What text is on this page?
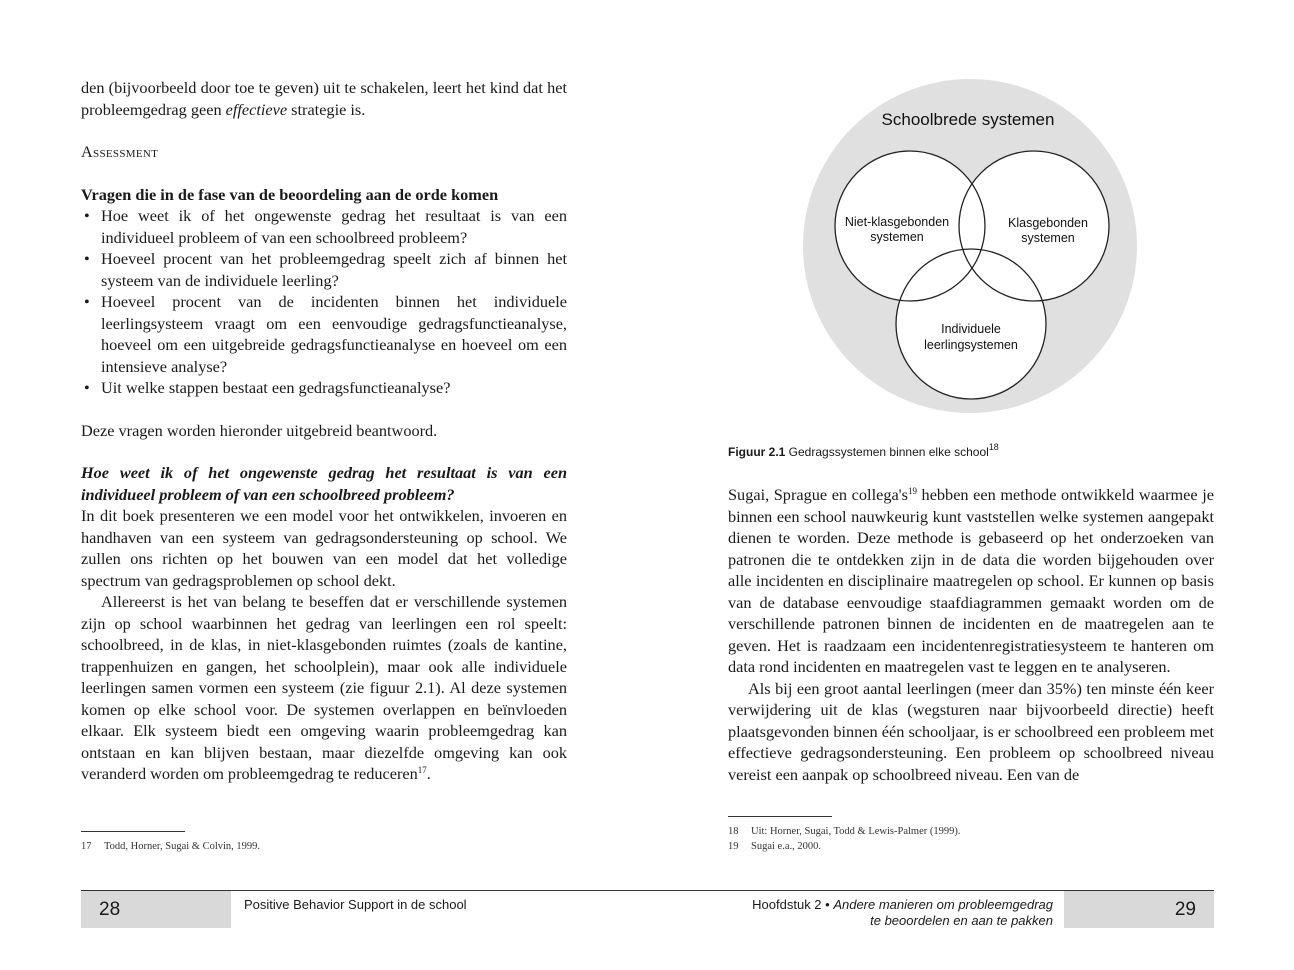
den (bijvoorbeeld door toe te geven) uit te schakelen, leert het kind dat het probleemgedrag geen effectieve strategie is.

Assessment

Vragen die in de fase van de beoordeling aan de orde komen

• Hoe weet ik of het ongewenste gedrag het resultaat is van een individueel probleem of van een schoolbreed probleem?
• Hoeveel procent van het probleemgedrag speelt zich af binnen het systeem van de individuele leerling?
• Hoeveel procent van de incidenten binnen het individuele leerlingsysteem vraagt om een eenvoudige gedragsfunctieanalyse, hoeveel om een uitgebreide gedragsfunctieanalyse en hoeveel om een intensieve analyse?
• Uit welke stappen bestaat een gedragsfunctieanalyse?

Deze vragen worden hieronder uitgebreid beantwoord.

Hoe weet ik of het ongewenste gedrag het resultaat is van een individueel probleem of van een schoolbreed probleem?

In dit boek presenteren we een model voor het ontwikkelen, invoeren en handhaven van een systeem van gedragsondersteuning op school. We zullen ons richten op het bouwen van een model dat het volledige spectrum van gedragsproblemen op school dekt.

Allereerst is het van belang te beseffen dat er verschillende systemen zijn op school waarbinnen het gedrag van leerlingen een rol speelt: schoolbreed, in de klas, in niet-klasgebonden ruimtes (zoals de kantine, trappenhuizen en gangen, het schoolplein), maar ook alle individuele leerlingen samen vormen een systeem (zie figuur 2.1). Al deze systemen komen op elke school voor. De systemen overlappen en beïnvloeden elkaar. Elk systeem biedt een omgeving waarin probleemgedrag kan ontstaan en kan blijven bestaan, maar diezelfde omgeving kan ook veranderd worden om probleemgedrag te reduceren$^{17}$.

17 Todd, Horner, Sugai & Colvin, 1999.
28	Positive Behavior Support in de school
Schoolbrede systemen
Niet-klasgebonden
systemen
Klasgebonden
systemen
Individuele
leerlingsystemen
Figuur 2.1 Gedragssystemen binnen elke school$^{18}$

Sugai, Sprague en $collega's^{19}$ hebben een methode ontwikkeld waarmee je binnen een school nauwkeurig kunt vaststellen welke systemen aangepakt dienen te worden. Deze methode is gebaseerd op het onderzoeken van patronen die te ontdekken zijn in de data die worden bijgehouden over alle incidenten en disciplinaire maatregelen op school. Er kunnen op basis van de database eenvoudige staafdiagrammen gemaakt worden om de verschillende patronen binnen de incidenten en de maatregelen aan te geven. Het is raadzaam een incidentenregistratiesysteem te hanteren om data rond incidenten en maatregelen vast te leggen en te analyseren.

Als bij een groot aantal leerlingen (meer dan 35%) ten minste één keer verwijdering uit de klas (wegsturen naar bijvoorbeeld directie) heeft plaatsgevonden binnen één schooljaar, is er schoolbreed een probleem met effectieve gedragsondersteuning. Een probleem op schoolbreed niveau vereist een aanpak op schoolbreed niveau. Een van de

18 Uit: Horner, Sugai, Todd & Lewis-Palmer (1999).
19 Sugai e.a., 2000.
Hoofdstuk 2 • Andere manieren om probleemgedrag
te beoordelen en aan te pakken
29
